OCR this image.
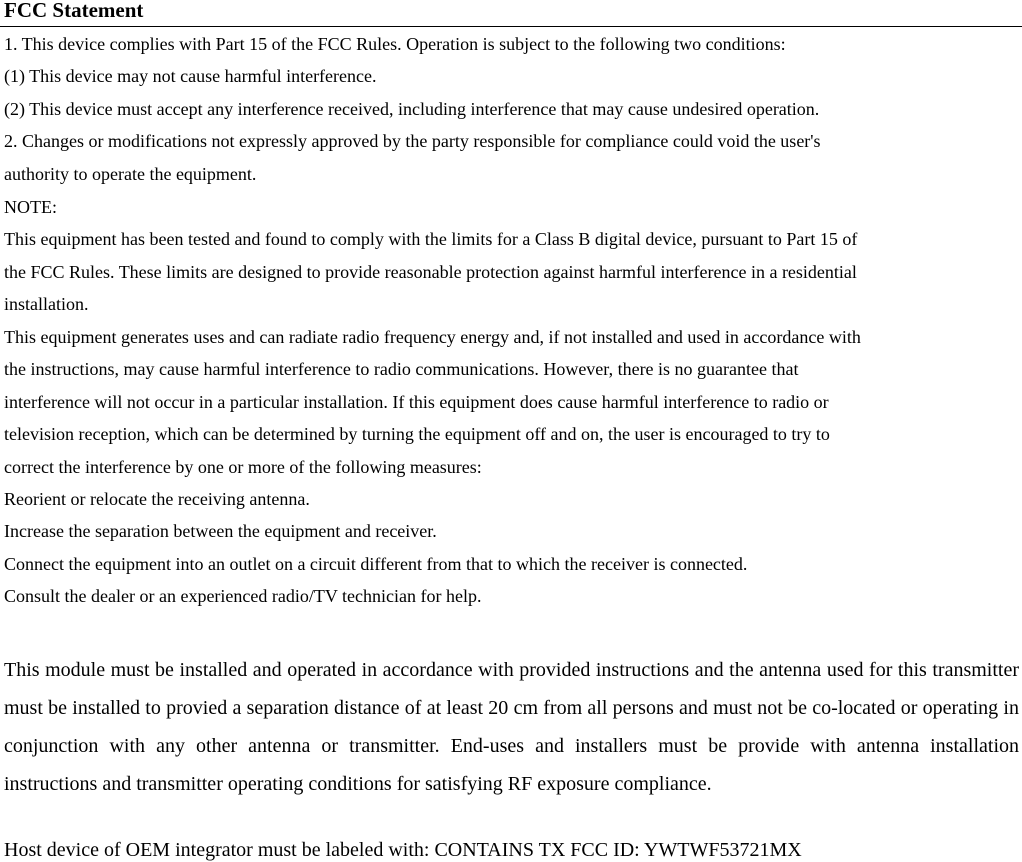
FCC Statement
1. This device complies with Part 15 of the FCC Rules. Operation is subject to the following two conditions:
(1) This device may not cause harmful interference.
(2) This device must accept any interference received, including interference that may cause undesired operation.
2. Changes or modifications not expressly approved by the party responsible for compliance could void the user's
authority to operate the equipment.
NOTE:
This equipment has been tested and found to comply with the limits for a Class B digital device, pursuant to Part 15 of
the FCC Rules. These limits are designed to provide reasonable protection against harmful interference in a residential
installation.
This equipment generates uses and can radiate radio frequency energy and, if not installed and used in accordance with
the instructions, may cause harmful interference to radio communications. However, there is no guarantee that
interference will not occur in a particular installation. If this equipment does cause harmful interference to radio or
television reception, which can be determined by turning the equipment off and on, the user is encouraged to try to
correct the interference by one or more of the following measures:
Reorient or relocate the receiving antenna.
Increase the separation between the equipment and receiver.
Connect the equipment into an outlet on a circuit different from that to which the receiver is connected.
Consult the dealer or an experienced radio/TV technician for help.

This module must be installed and operated in accordance with provided instructions and the antenna used for this transmitter must be installed to provied a separation distance of at least 20 cm from all persons and must not be co-located or operating in conjunction with any other antenna or transmitter. End-uses and installers must be provide with antenna installation instructions and transmitter operating conditions for satisfying RF exposure compliance.

Host device of OEM integrator must be labeled with: CONTAINS TX FCC ID: YWTWF53721MX
